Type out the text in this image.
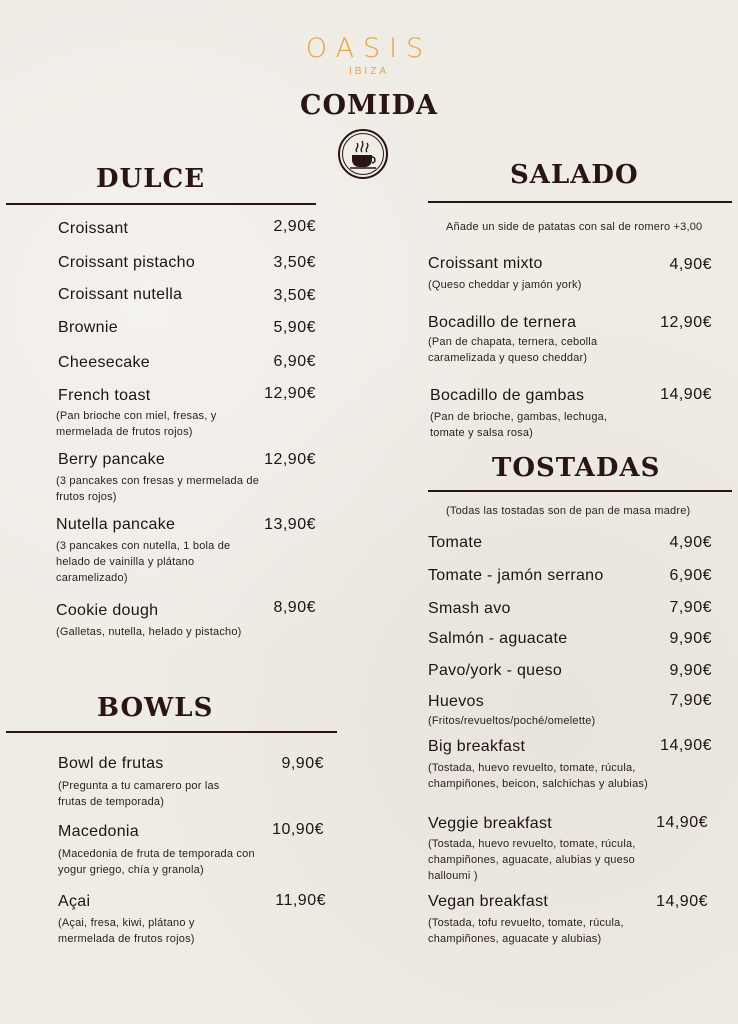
OASIS
IBIZA
COMIDA
DULCE
Croissant	2,90€
Croissant pistacho	3,50€
Croissant nutella	3,50€
Brownie	5,90€
Cheesecake	6,90€
French toast	12,90€
(Pan brioche con miel, fresas, y mermelada de frutos rojos)
Berry pancake	12,90€
(3 pancakes con fresas y mermelada de frutos rojos)
Nutella pancake	13,90€
(3 pancakes con nutella, 1 bola de helado de vainilla y plátano caramelizado)
Cookie dough	8,90€
(Galletas, nutella, helado y pistacho)
BOWLS
Bowl de frutas	9,90€
(Pregunta a tu camarero por las frutas de temporada)
Macedonia	10,90€
(Macedonia de fruta de temporada con yogur griego, chía y granola)
Açai	11,90€
(Açai, fresa, kiwi, plátano y mermelada de frutos rojos)
SALADO
Añade un side de patatas con sal de romero +3,00
Croissant mixto	4,90€
(Queso cheddar y jamón york)
Bocadillo de ternera	12,90€
(Pan de chapata, ternera, cebolla caramelizada y queso cheddar)
Bocadillo de gambas	14,90€
(Pan de brioche, gambas, lechuga, tomate y salsa rosa)
TOSTADAS
(Todas las tostadas son de pan de masa madre)
Tomate	4,90€
Tomate - jamón serrano	6,90€
Smash avo	7,90€
Salmón - aguacate	9,90€
Pavo/york - queso	9,90€
Huevos	7,90€
(Fritos/revueltos/poché/omelette)
Big breakfast	14,90€
(Tostada, huevo revuelto, tomate, rúcula, champiñones, beicon, salchichas y alubias)
Veggie breakfast	14,90€
(Tostada, huevo revuelto, tomate, rúcula, champiñones, aguacate, alubias y queso halloumi )
Vegan breakfast	14,90€
(Tostada, tofu revuelto, tomate, rúcula, champiñones, aguacate y alubias)
